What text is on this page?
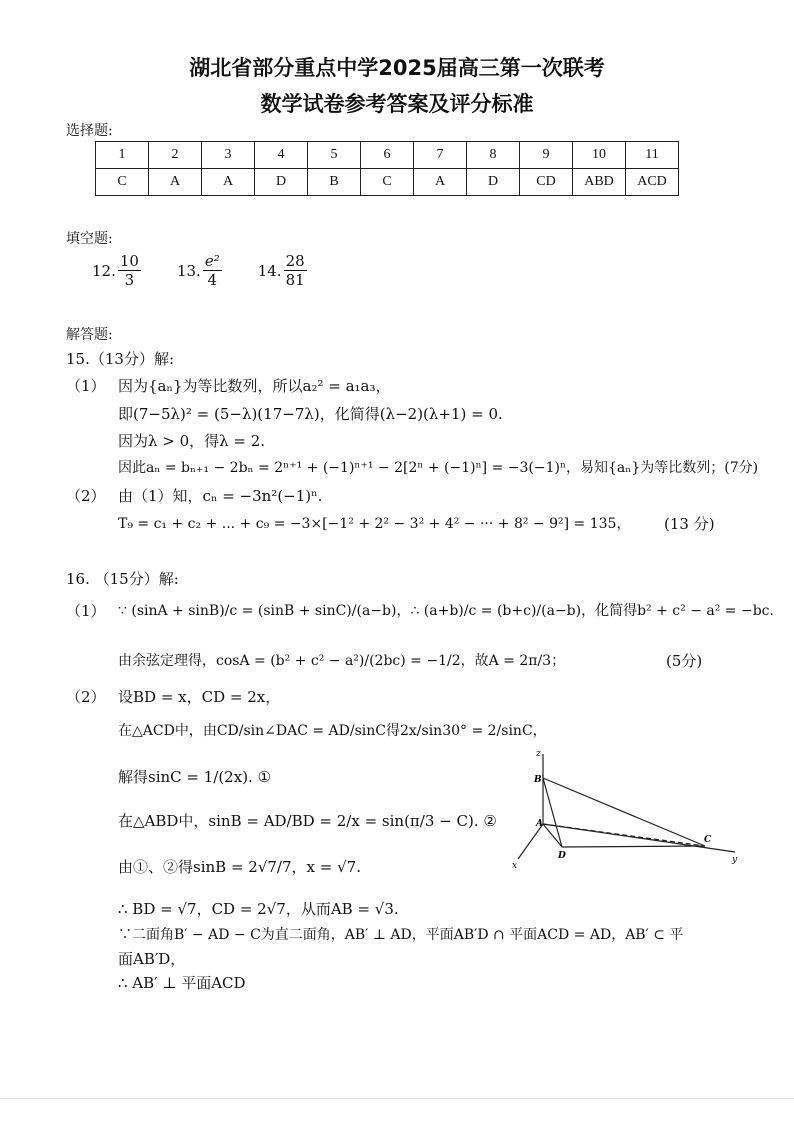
湖北省部分重点中学2025届高三第一次联考
数学试卷参考答案及评分标准
选择题:
1	2	3	4	5	6	7	8	9	10	11
C	A	A	D	B	C	A	D	CD	ABD	ACD
填空题:
12. $\frac{10}{3} 13$. $\frac{\text{e²}}{4} 14$. $\frac{28}{81}$
解答题:
15.（13分）解:
（1） 因为{aₙ}为等比数列，所以a₂² = a₁a₃，
即(7−5λ)² = (5−λ)(17−7λ)，化简得(λ−2)(λ+1) = 0.
因为λ > 0，得λ = 2.
因此aₙ = bₙ₊₁ − 2bₙ = 2ⁿ⁺¹ + (−1)ⁿ⁺¹ − 2[2ⁿ + (−1)ⁿ] = −3(−1)ⁿ，易知{aₙ}为等比数列；(7分)
（2） 由（1）知，cₙ = −3n²(−1)ⁿ.
T₉ = c₁ + c₂ + ... + c₉ = −3×[−1² + 2² − 3² + 4² − ··· + 8² − 9²] = 135， (13 分)
16. （15分）解:
（1） ∵ (sinA + sinB)/c = (sinB + sinC)/(a−b)，∴ (a+b)/c = (b+c)/(a−b)，化简得b² + c² − a² = −bc.
由余弦定理得，cosA = (b² + c² − a²)/(2bc) = −1/2，故A = 2π/3；	(5分)
（2） 设BD = x，CD = 2x，
在△ACD中，由CD/sin∠DAC = AD/sinC得2x/sin30° = 2/sinC，
解得sinC = 1/(2x). ①
在△ABD中，sinB = AD/BD = 2/x = sin(π/3 − C). ②
由①、②得sinB = 2√7/7，x = √7.
∴ BD = √7，CD = 2√7，从而AB = √3.
∵二面角B′ − AD − C为直二面角，AB′ ⊥ AD，平面AB′D ∩ 平面ACD = AD，AB′ ⊂ 平
面AB′D，
∴ AB′ ⊥ 平面ACD
z
B'
A
D
C
x
y
